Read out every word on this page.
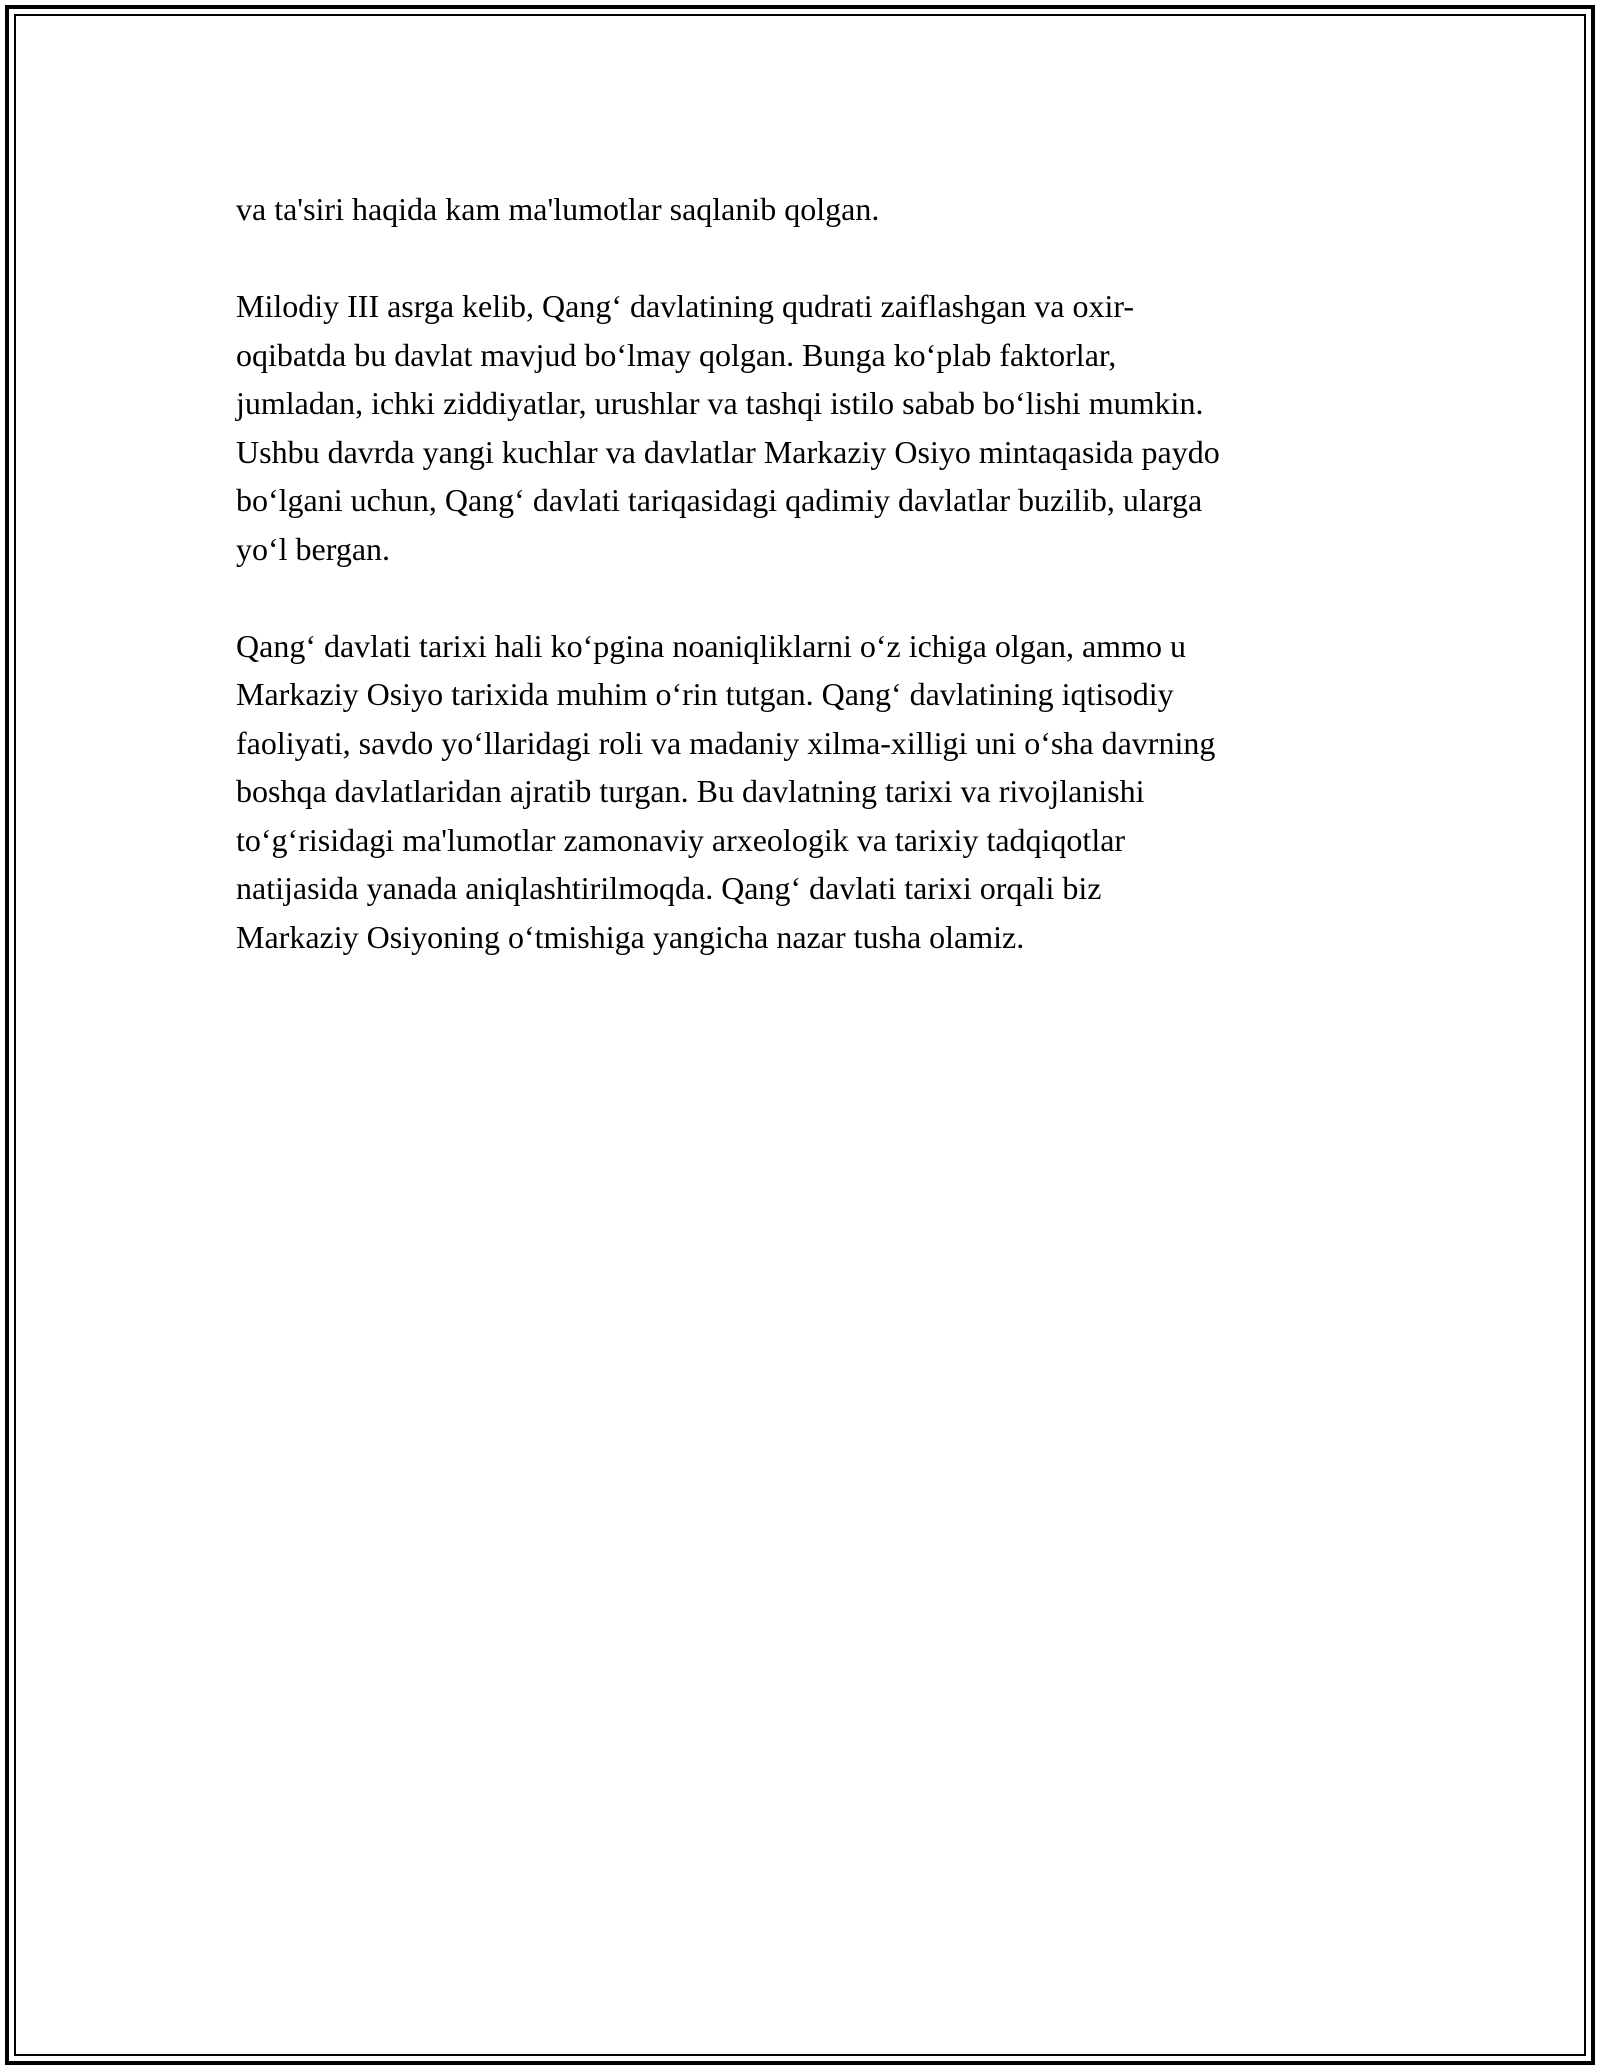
va ta'siri haqida kam ma'lumotlar saqlanib qolgan.

Milodiy III asrga kelib, Qang‘ davlatining qudrati zaiflashgan va oxir-
oqibatda bu davlat mavjud bo‘lmay qolgan. Bunga ko‘plab faktorlar,
jumladan, ichki ziddiyatlar, urushlar va tashqi istilo sabab bo‘lishi mumkin.
Ushbu davrda yangi kuchlar va davlatlar Markaziy Osiyo mintaqasida paydo
bo‘lgani uchun, Qang‘ davlati tariqasidagi qadimiy davlatlar buzilib, ularga
yo‘l bergan.

Qang‘ davlati tarixi hali ko‘pgina noaniqliklarni o‘z ichiga olgan, ammo u
Markaziy Osiyo tarixida muhim o‘rin tutgan. Qang‘ davlatining iqtisodiy
faoliyati, savdo yo‘llaridagi roli va madaniy xilma-xilligi uni o‘sha davrning
boshqa davlatlaridan ajratib turgan. Bu davlatning tarixi va rivojlanishi
to‘g‘risidagi ma'lumotlar zamonaviy arxeologik va tarixiy tadqiqotlar
natijasida yanada aniqlashtirilmoqda. Qang‘ davlati tarixi orqali biz
Markaziy Osiyoning o‘tmishiga yangicha nazar tusha olamiz.
